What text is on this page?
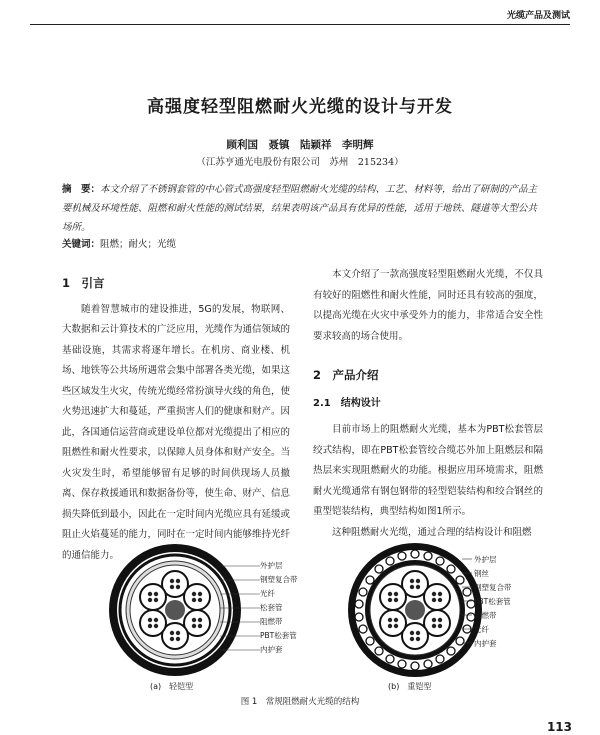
光缆产品及测试
高强度轻型阻燃耐火光缆的设计与开发
顾利国　聂镇　陆颖祥　李明辉
（江苏亨通光电股份有限公司　苏州　215234）
摘　要：本文介绍了不锈钢套管的中心管式高强度轻型阻燃耐火光缆的结构、工艺、材料等，给出了研制的产品主要机械及环境性能、阻燃和耐火性能的测试结果，结果表明该产品具有优异的性能，适用于地铁、隧道等大型公共场所。
关键词：阻燃；耐火；光缆
1　引言

随着智慧城市的建设推进，5G的发展，物联网、大数据和云计算技术的广泛应用，光缆作为通信领域的基础设施，其需求将逐年增长。在机房、商业楼、机场、地铁等公共场所遇常会集中部署各类光缆，如果这些区域发生火灾，传统光缆经常扮演导火线的角色，使火势迅速扩大和蔓延，严重损害人们的健康和财产。因此，各国通信运营商或建设单位都对光缆提出了相应的阻燃性和耐火性要求，以保障人员身体和财产安全。当火灾发生时，希望能够留有足够的时间供现场人员撤离、保存救援通讯和数据备份等，使生命、财产、信息损失降低到最小，因此在一定时间内光缆应具有延缓或阻止火焰蔓延的能力，同时在一定时间内能够维持光纤的通信能力。

本文介绍了一款高强度轻型阻燃耐火光缆，不仅具有较好的阻燃性和耐火性能，同时还具有较高的强度，以提高光缆在火灾中承受外力的能力，非常适合安全性要求较高的场合使用。

2　产品介绍
2.1　结构设计

目前市场上的阻燃耐火光缆，基本为PBT松套管层绞式结构，即在PBT松套管绞合缆芯外加上阻燃层和隔热层来实现阻燃耐火的功能。根据应用环境需求，阻燃耐火光缆通常有钢包钢带的轻型铠装结构和绞合钢丝的重型铠装结构，典型结构如图1所示。

这种阻燃耐火光缆，通过合理的结构设计和阻燃

外护层
钢塑复合带
光纤
松套管
阻燃带
PBT松套管
内护套
(a)　轻铠型
外护层
钢丝
钢塑复合带
PBT松套管
阻燃带
光纤
内护套
(b)　重铠型
图 1　常规阻燃耐火光缆的结构
113
